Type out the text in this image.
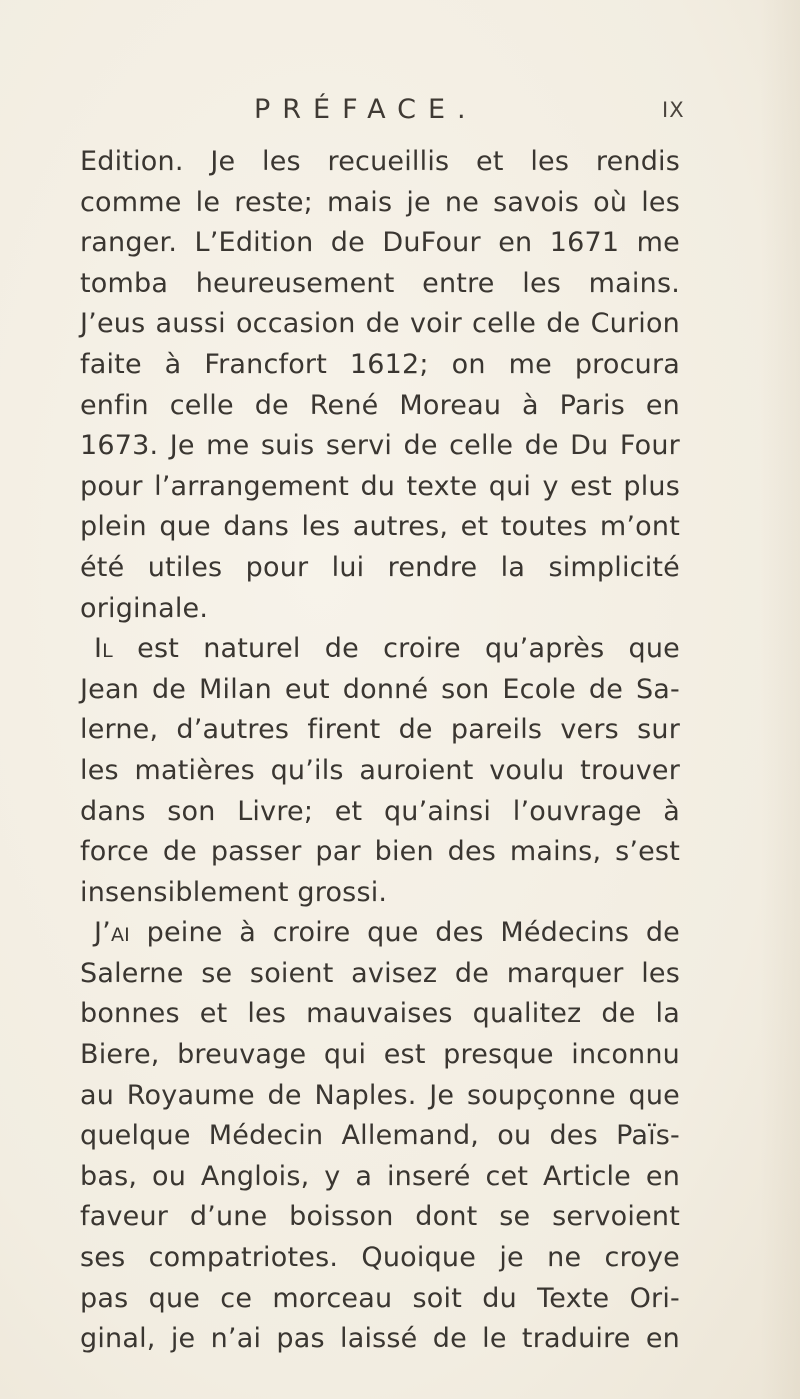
PRÉFACE.	IX
Edition. Je les recueillis et les rendis
comme le reste; mais je ne savois où les
ranger. L’Edition de DuFour en 1671 me
tomba heureusement entre les mains.
J’eus aussi occasion de voir celle de Curion
faite à Francfort 1612; on me procura
enfin celle de René Moreau à Paris en
1673. Je me suis servi de celle de Du Four
pour l’arrangement du texte qui y est plus
plein que dans les autres, et toutes m’ont
été utiles pour lui rendre la simplicité
originale.
Il est naturel de croire qu’après que
Jean de Milan eut donné son Ecole de Sa-
lerne, d’autres firent de pareils vers sur
les matières qu’ils auroient voulu trouver
dans son Livre; et qu’ainsi l’ouvrage à
force de passer par bien des mains, s’est
insensiblement grossi.
J’ai peine à croire que des Médecins de
Salerne se soient avisez de marquer les
bonnes et les mauvaises qualitez de la
Biere, breuvage qui est presque inconnu
au Royaume de Naples. Je soupçonne que
quelque Médecin Allemand, ou des Païs-
bas, ou Anglois, y a inseré cet Article en
faveur d’une boisson dont se servoient
ses compatriotes. Quoique je ne croye
pas que ce morceau soit du Texte Ori-
ginal, je n’ai pas laissé de le traduire en
